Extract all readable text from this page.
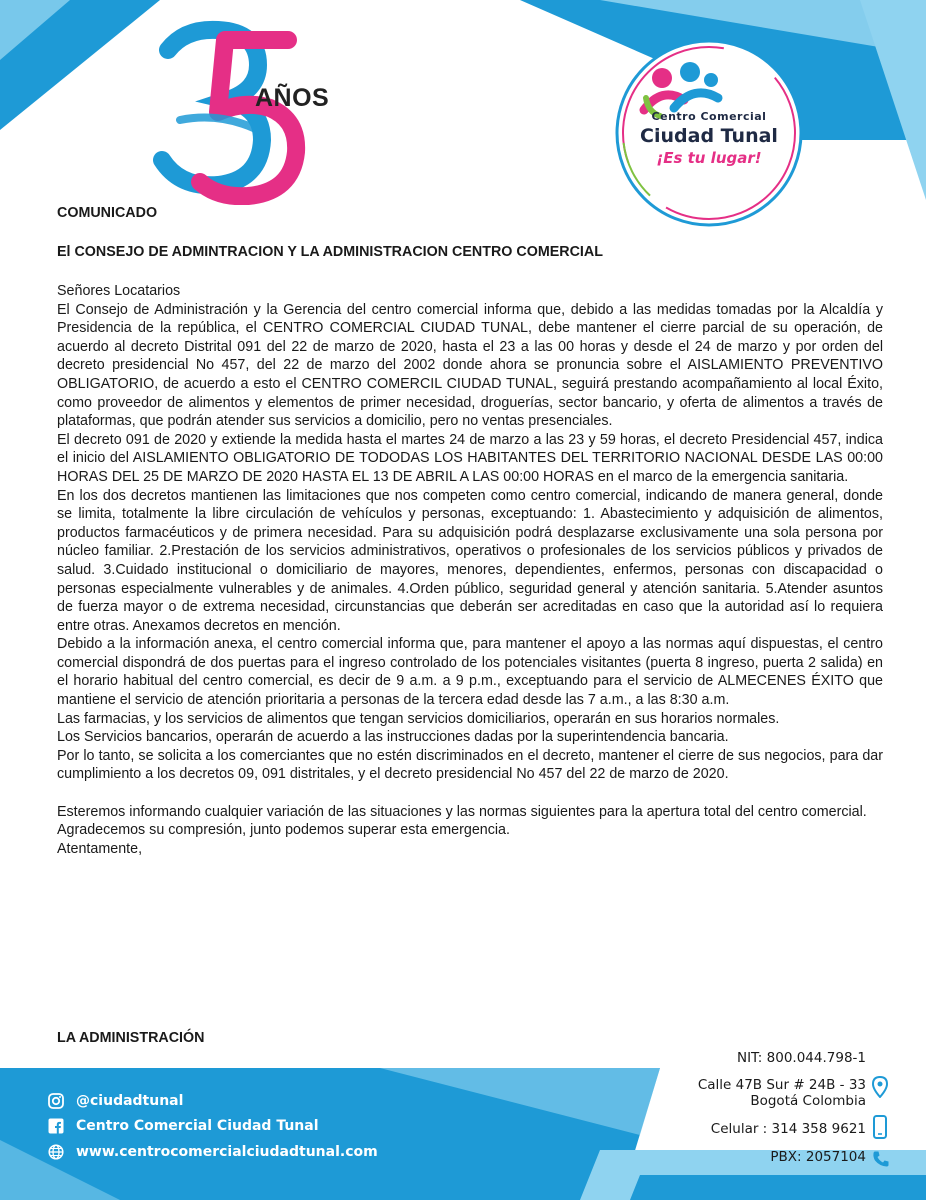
AÑOS
Centro Comercial
Ciudad Tunal
¡Es tu lugar!
COMUNICADO
El CONSEJO DE ADMINTRACION Y LA ADMINISTRACION CENTRO COMERCIAL
Señores Locatarios

El Consejo de Administración y la Gerencia del centro comercial informa que, debido a las medidas tomadas por la Alcaldía y Presidencia de la república, el CENTRO COMERCIAL CIUDAD TUNAL, debe mantener el cierre parcial de su operación, de acuerdo al decreto Distrital 091 del 22 de marzo de 2020, hasta el 23 a las 00 horas y desde el 24 de marzo y por orden del decreto presidencial No 457, del 22 de marzo del 2002 donde ahora se pronuncia sobre el AISLAMIENTO PREVENTIVO OBLIGATORIO, de acuerdo a esto el CENTRO COMERCIL CIUDAD TUNAL, seguirá prestando acompañamiento al local Éxito, como proveedor de alimentos y elementos de primer necesidad, droguerías, sector bancario, y oferta de alimentos a través de plataformas, que podrán atender sus servicios a domicilio, pero no ventas presenciales.

El decreto 091 de 2020 y extiende la medida hasta el martes 24 de marzo a las 23 y 59 horas, el decreto Presidencial 457, indica el inicio del AISLAMIENTO OBLIGATORIO DE TODODAS LOS HABITANTES DEL TERRITORIO NACIONAL DESDE LAS 00:00 HORAS DEL 25 DE MARZO DE 2020 HASTA EL 13 DE ABRIL A LAS 00:00 HORAS en el marco de la emergencia sanitaria.

En los dos decretos mantienen las limitaciones que nos competen como centro comercial, indicando de manera general, donde se limita, totalmente la libre circulación de vehículos y personas, exceptuando: 1. Abastecimiento y adquisición de alimentos, productos farmacéuticos y de primera necesidad. Para su adquisición podrá desplazarse exclusivamente una sola persona por núcleo familiar. 2.Prestación de los servicios administrativos, operativos o profesionales de los servicios públicos y privados de salud. 3.Cuidado institucional o domiciliario de mayores, menores, dependientes, enfermos, personas con discapacidad o personas especialmente vulnerables y de animales. 4.Orden público, seguridad general y atención sanitaria. 5.Atender asuntos de fuerza mayor o de extrema necesidad, circunstancias que deberán ser acreditadas en caso que la autoridad así lo requiera entre otras. Anexamos decretos en mención.

Debido a la información anexa, el centro comercial informa que, para mantener el apoyo a las normas aquí dispuestas, el centro comercial dispondrá de dos puertas para el ingreso controlado de los potenciales visitantes (puerta 8 ingreso, puerta 2 salida) en el horario habitual del centro comercial, es decir de 9 a.m. a 9 p.m., exceptuando para el servicio de ALMECENES ÉXITO que mantiene el servicio de atención prioritaria a personas de la tercera edad desde las 7 a.m., a las 8:30 a.m.

Las farmacias, y los servicios de alimentos que tengan servicios domiciliarios, operarán en sus horarios normales.

Los Servicios bancarios, operarán de acuerdo a las instrucciones dadas por la superintendencia bancaria.

Por lo tanto, se solicita a los comerciantes que no estén discriminados en el decreto, mantener el cierre de sus negocios, para dar cumplimiento a los decretos 09, 091 distritales, y el decreto presidencial No 457 del 22 de marzo de 2020.

Esteremos informando cualquier variación de las situaciones y las normas siguientes para la apertura total del centro comercial.

Agradecemos su compresión, junto podemos superar esta emergencia.
Atentamente,
LA ADMINISTRACIÓN
@ciudadtunal
Centro Comercial Ciudad Tunal
www.centrocomercialciudadtunal.com
NIT: 800.044.798-1
Calle 47B Sur # 24B - 33
Bogotá Colombia
Celular : 314 358 9621
PBX: 2057104
